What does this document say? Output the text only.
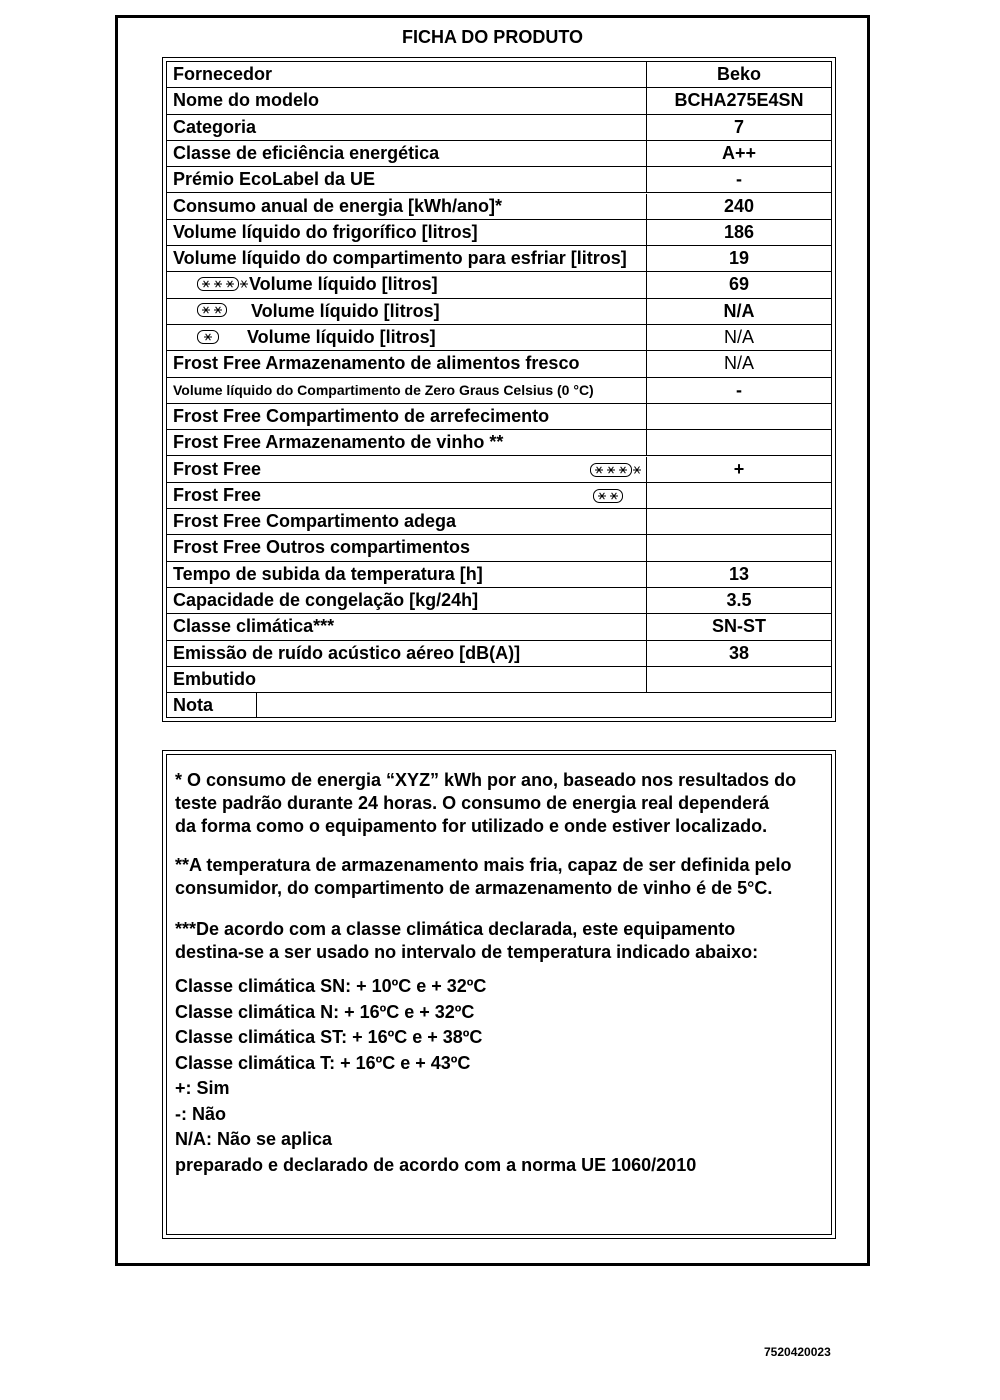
FICHA DO PRODUTO
Fornecedor	Beko
Nome do modelo	BCHA275E4SN
Categoria	7
Classe de eficiência energética	A++
Prémio EcoLabel da UE	-
Consumo anual de energia [kWh/ano]*	240
Volume líquido do frigorífico [litros]	186
Volume líquido do compartimento para esfriar [litros]	19
Volume líquido [litros]	69
Volume líquido [litros]	N/A
Volume líquido [litros]	N/A
Frost Free Armazenamento de alimentos fresco	N/A
Volume líquido do Compartimento de Zero Graus Celsius (0 °C)	-
Frost Free Compartimento de arrefecimento
Frost Free Armazenamento de vinho **
Frost Free	+
Frost Free
Frost Free Compartimento adega
Frost Free Outros compartimentos
Tempo de subida da temperatura [h]	13
Capacidade de congelação [kg/24h]	3.5
Classe climática***	SN-ST
Emissão de ruído acústico aéreo [dB(A)]	38
Embutido
Nota

* O consumo de energia “XYZ” kWh por ano, baseado nos resultados do
teste padrão durante 24 horas. O consumo de energia real dependerá
da forma como o equipamento for utilizado e onde estiver localizado.

**A temperatura de armazenamento mais fria, capaz de ser definida pelo
consumidor, do compartimento de armazenamento de vinho é de 5°C.

***De acordo com a classe climática declarada, este equipamento
destina-se a ser usado no intervalo de temperatura indicado abaixo:

Classe climática SN: + 10ºC e + 32ºC
Classe climática N: + 16ºC e + 32ºC
Classe climática ST: + 16ºC e + 38ºC
Classe climática T: + 16ºC e + 43ºC
+: Sim
-: Não
N/A: Não se aplica
preparado e declarado de acordo com a norma UE 1060/2010
7520420023
